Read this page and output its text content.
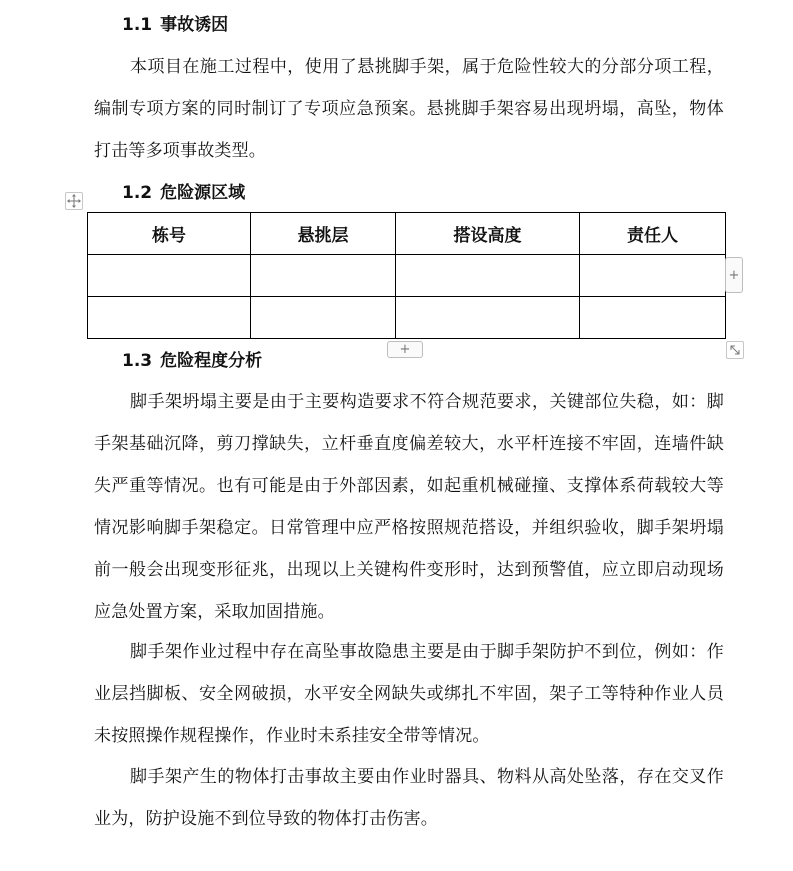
1.1 事故诱因
本项目在施工过程中，使用了悬挑脚手架，属于危险性较大的分部分项工程，编制专项方案的同时制订了专项应急预案。悬挑脚手架容易出现坍塌，高坠，物体打击等多项事故类型。
1.2 危险源区域
栋号	悬挑层	搭设高度	责任人

+
+
1.3 危险程度分析
脚手架坍塌主要是由于主要构造要求不符合规范要求，关键部位失稳，如：脚手架基础沉降，剪刀撑缺失，立杆垂直度偏差较大，水平杆连接不牢固，连墙件缺失严重等情况。也有可能是由于外部因素，如起重机械碰撞、支撑体系荷载较大等情况影响脚手架稳定。日常管理中应严格按照规范搭设，并组织验收，脚手架坍塌前一般会出现变形征兆，出现以上关键构件变形时，达到预警值，应立即启动现场应急处置方案，采取加固措施。
脚手架作业过程中存在高坠事故隐患主要是由于脚手架防护不到位，例如：作业层挡脚板、安全网破损，水平安全网缺失或绑扎不牢固，架子工等特种作业人员未按照操作规程操作，作业时未系挂安全带等情况。
脚手架产生的物体打击事故主要由作业时器具、物料从高处坠落，存在交叉作业为，防护设施不到位导致的物体打击伤害。
